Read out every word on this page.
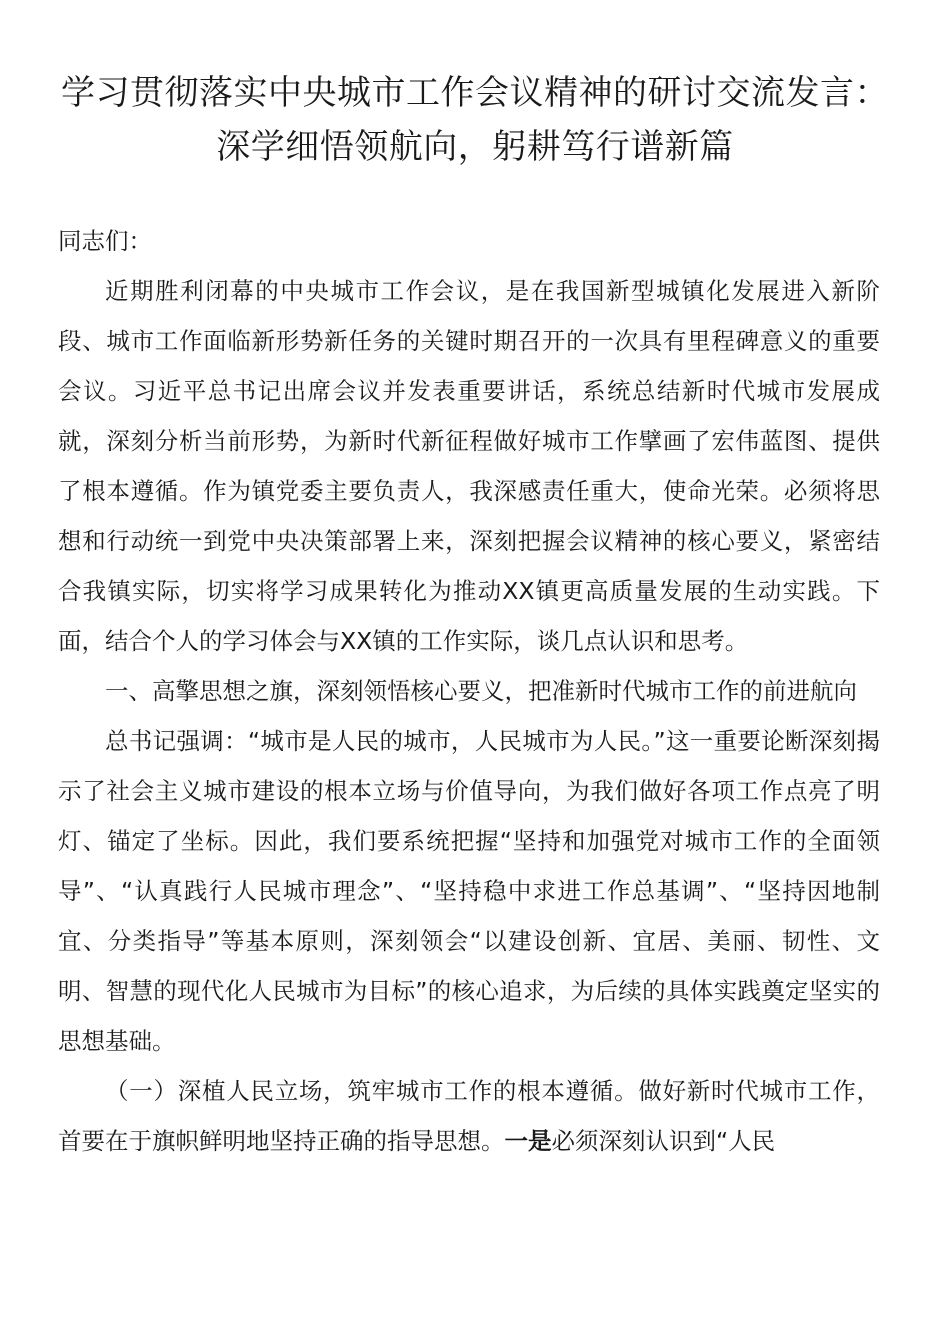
学习贯彻落实中央城市工作会议精神的研讨交流发言：深学细悟领航向，躬耕笃行谱新篇

同志们：

近期胜利闭幕的中央城市工作会议，是在我国新型城镇化发展进入新阶段、城市工作面临新形势新任务的关键时期召开的一次具有里程碑意义的重要会议。习近平总书记出席会议并发表重要讲话，系统总结新时代城市发展成就，深刻分析当前形势，为新时代新征程做好城市工作擘画了宏伟蓝图、提供了根本遵循。作为镇党委主要负责人，我深感责任重大，使命光荣。必须将思想和行动统一到党中央决策部署上来，深刻把握会议精神的核心要义，紧密结合我镇实际，切实将学习成果转化为推动XX镇更高质量发展的生动实践。下面，结合个人的学习体会与XX镇的工作实际，谈几点认识和思考。

一、高擎思想之旗，深刻领悟核心要义，把准新时代城市工作的前进航向

总书记强调：“城市是人民的城市，人民城市为人民。”这一重要论断深刻揭示了社会主义城市建设的根本立场与价值导向，为我们做好各项工作点亮了明灯、锚定了坐标。因此，我们要系统把握“坚持和加强党对城市工作的全面领导”、“认真践行人民城市理念”、“坚持稳中求进工作总基调”、“坚持因地制宜、分类指导”等基本原则，深刻领会“以建设创新、宜居、美丽、韧性、文明、智慧的现代化人民城市为目标”的核心追求，为后续的具体实践奠定坚实的思想基础。

（一）深植人民立场，筑牢城市工作的根本遵循。做好新时代城市工作，首要在于旗帜鲜明地坚持正确的指导思想。一是必须深刻认识到“人民
